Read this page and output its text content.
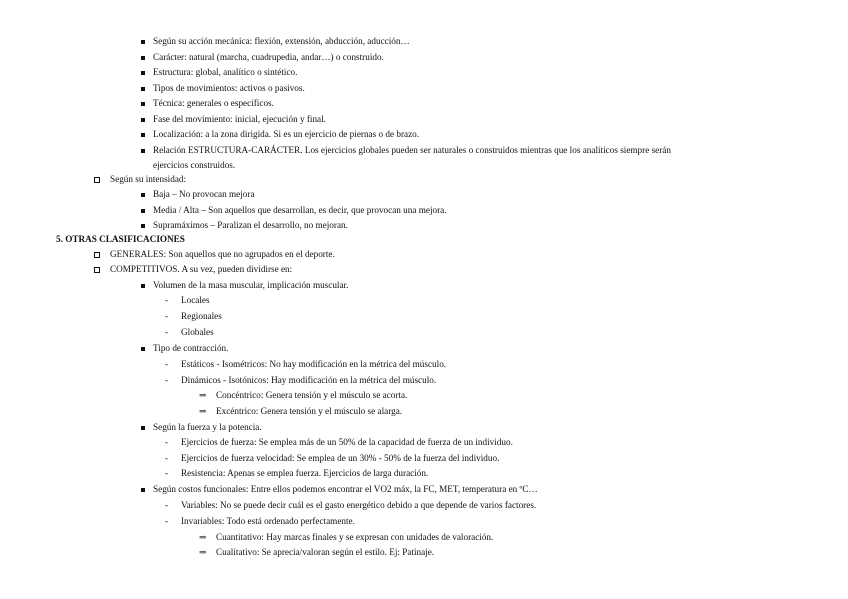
Según su acción mecánica: flexión, extensión, abducción, aducción…
Carácter: natural (marcha, cuadrupedia, andar…) o construido.
Estructura: global, analítico o sintético.
Tipos de movimientos: activos o pasivos.
Técnica: generales o específicos.
Fase del movimiento: inicial, ejecución y final.
Localización: a la zona dirigida. Si es un ejercicio de piernas o de brazo.
Relación ESTRUCTURA-CARÁCTER. Los ejercicios globales pueden ser naturales o construidos mientras que los analíticos siempre serán
ejercicios construidos.
Según su intensidad:
Baja – No provocan mejora
Media / Alta – Son aquellos que desarrollan, es decir, que provocan una mejora.
Supramáximos – Paralizan el desarrollo, no mejoran.
5. OTRAS CLASIFICACIONES
GENERALES: Son aquellos que no agrupados en el deporte.
COMPETITIVOS. A su vez, pueden dividirse en:
Volumen de la masa muscular, implicación muscular.
- Locales
- Regionales
- Globales
Tipo de contracción.
- Estáticos - Isométricos: No hay modificación en la métrica del músculo.
- Dinámicos - Isotónicos: Hay modificación en la métrica del músculo.
⇒ Concéntrico: Genera tensión y el músculo se acorta.
⇒ Excéntrico: Genera tensión y el músculo se alarga.
Según la fuerza y la potencia.
- Ejercicios de fuerza: Se emplea más de un 50% de la capacidad de fuerza de un individuo.
- Ejercicios de fuerza velocidad: Se emplea de un 30% - 50% de la fuerza del individuo.
- Resistencia: Apenas se emplea fuerza. Ejercicios de larga duración.
Según costos funcionales: Entre ellos podemos encontrar el VO2 máx, la FC, MET, temperatura en ºC…
- Variables: No se puede decir cuál es el gasto energético debido a que depende de varios factores.
- Invariables: Todo está ordenado perfectamente.
⇒ Cuantitativo: Hay marcas finales y se expresan con unidades de valoración.
⇒ Cualitativo: Se aprecia/valoran según el estilo. Ej: Patinaje.
